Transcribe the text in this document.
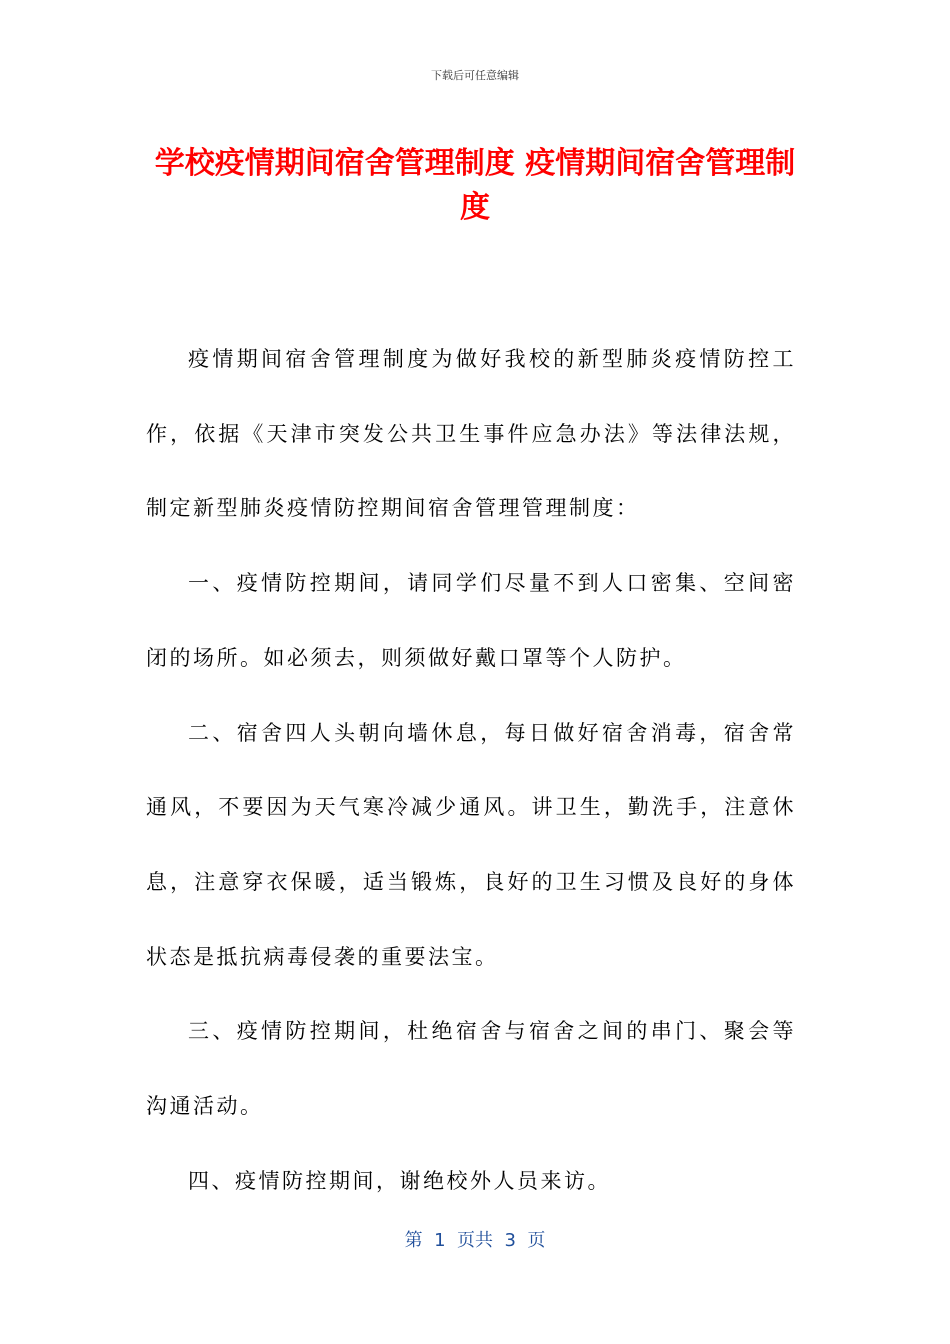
下载后可任意编辑
学校疫情期间宿舍管理制度 疫情期间宿舍管理制度

疫情期间宿舍管理制度为做好我校的新型肺炎疫情防控工作，依据《天津市突发公共卫生事件应急办法》等法律法规，制定新型肺炎疫情防控期间宿舍管理管理制度：

一、疫情防控期间，请同学们尽量不到人口密集、空间密闭的场所。如必须去，则须做好戴口罩等个人防护。

二、宿舍四人头朝向墙休息，每日做好宿舍消毒，宿舍常通风，不要因为天气寒冷减少通风。讲卫生，勤洗手，注意休息，注意穿衣保暖，适当锻炼，良好的卫生习惯及良好的身体状态是抵抗病毒侵袭的重要法宝。

三、疫情防控期间，杜绝宿舍与宿舍之间的串门、聚会等沟通活动。

四、疫情防控期间，谢绝校外人员来访。

第  1  页共  3  页
